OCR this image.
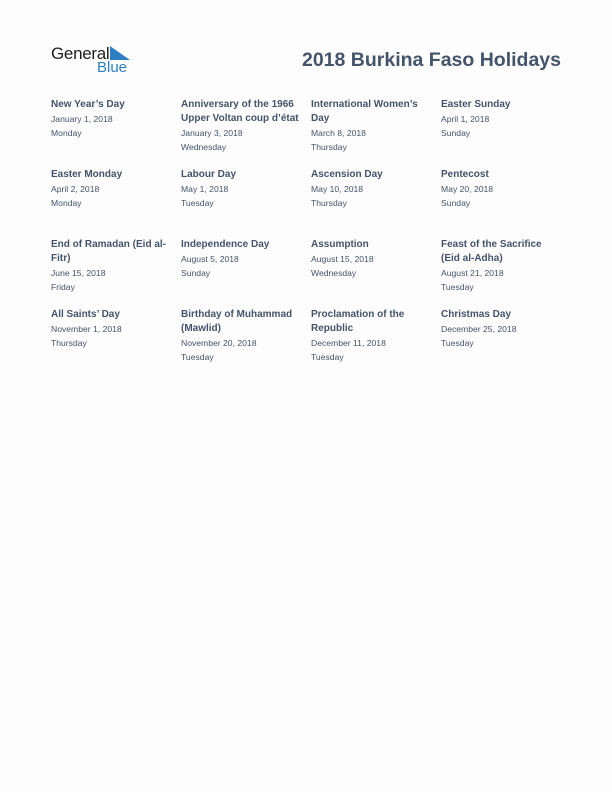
General
Blue	2018 Burkina Faso Holidays
New Year’s Day
January 1, 2018
Monday
Anniversary of the 1966 Upper Voltan coup d’état
January 3, 2018
Wednesday
International Women’s Day
March 8, 2018
Thursday
Easter Sunday
April 1, 2018
Sunday
Easter Monday
April 2, 2018
Monday
Labour Day
May 1, 2018
Tuesday
Ascension Day
May 10, 2018
Thursday
Pentecost
May 20, 2018
Sunday
End of Ramadan (Eid al-Fitr)
June 15, 2018
Friday
Independence Day
August 5, 2018
Sunday
Assumption
August 15, 2018
Wednesday
Feast of the Sacrifice (Eid al-Adha)
August 21, 2018
Tuesday
All Saints’ Day
November 1, 2018
Thursday
Birthday of Muhammad (Mawlid)
November 20, 2018
Tuesday
Proclamation of the Republic
December 11, 2018
Tuesday
Christmas Day
December 25, 2018
Tuesday
